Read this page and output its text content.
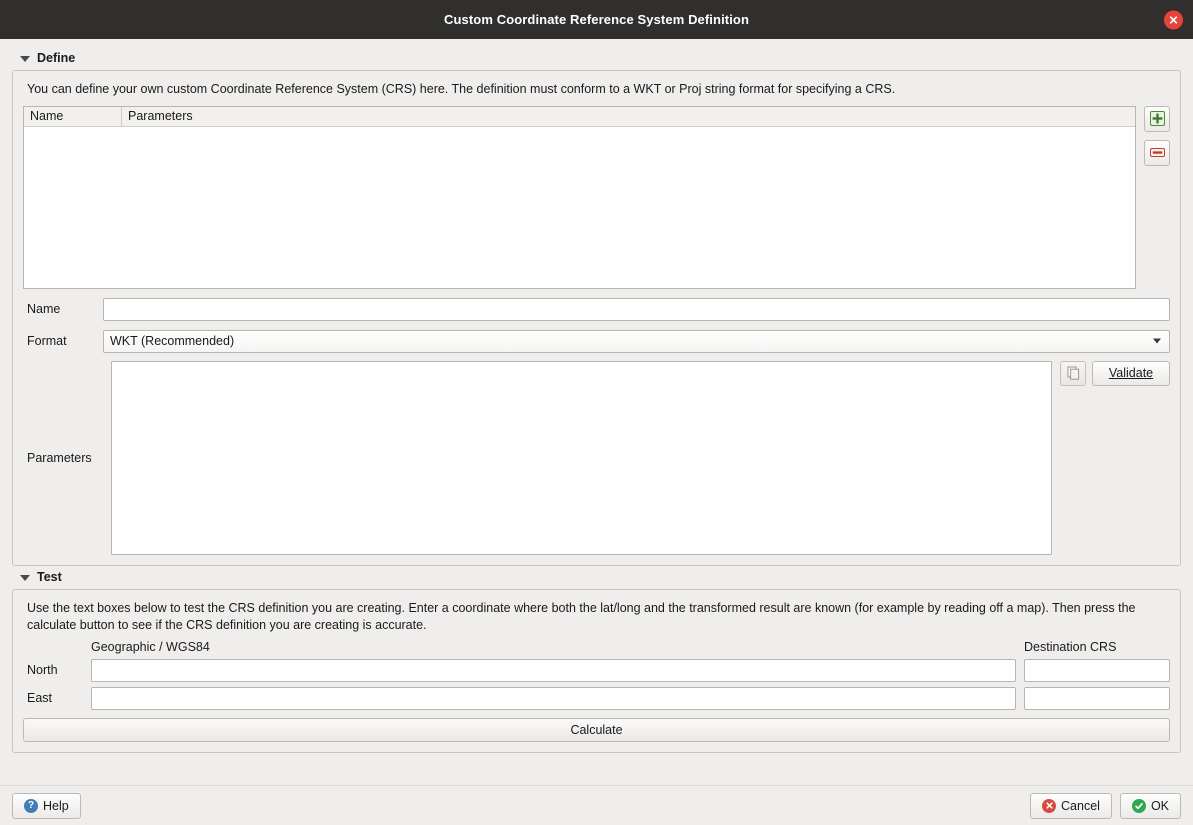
Custom Coordinate Reference System Definition
Define
You can define your own custom Coordinate Reference System (CRS) here. The definition must conform to a WKT or Proj string format for specifying a CRS.
Name	Parameters
Name
Format	WKT (Recommended)
Parameters
Validate
Test
Use the text boxes below to test the CRS definition you are creating. Enter a coordinate where both the lat/long and the transformed result are known (for example by reading off a map). Then press the calculate button to see if the CRS definition you are creating is accurate.
Geographic / WGS84	Destination CRS
North
East
Calculate
? Help	Cancel	OK
